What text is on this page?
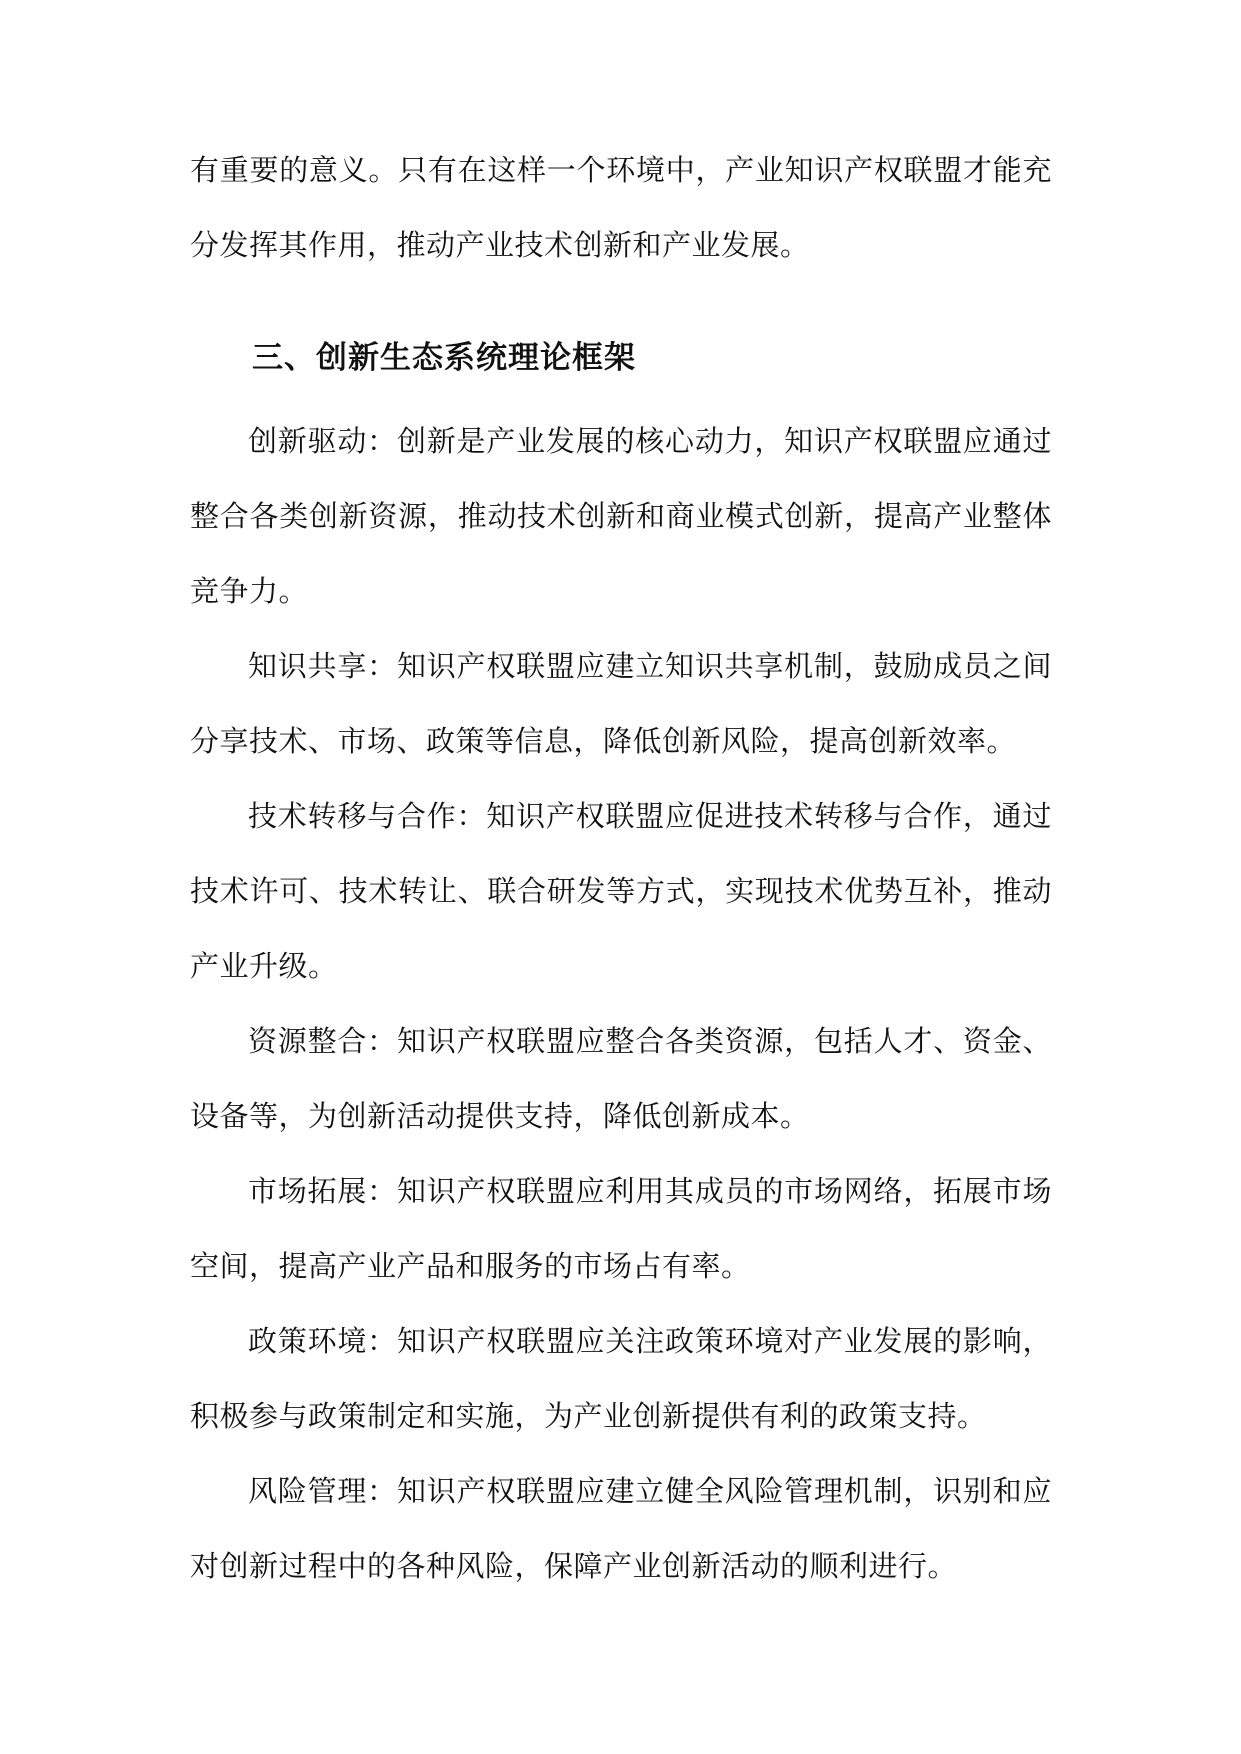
有重要的意义。只有在这样一个环境中，产业知识产权联盟才能充分发挥其作用，推动产业技术创新和产业发展。

三、创新生态系统理论框架

创新驱动：创新是产业发展的核心动力，知识产权联盟应通过整合各类创新资源，推动技术创新和商业模式创新，提高产业整体竞争力。

知识共享：知识产权联盟应建立知识共享机制，鼓励成员之间分享技术、市场、政策等信息，降低创新风险，提高创新效率。

技术转移与合作：知识产权联盟应促进技术转移与合作，通过技术许可、技术转让、联合研发等方式，实现技术优势互补，推动产业升级。

资源整合：知识产权联盟应整合各类资源，包括人才、资金、设备等，为创新活动提供支持，降低创新成本。

市场拓展：知识产权联盟应利用其成员的市场网络，拓展市场空间，提高产业产品和服务的市场占有率。

政策环境：知识产权联盟应关注政策环境对产业发展的影响，积极参与政策制定和实施，为产业创新提供有利的政策支持。

风险管理：知识产权联盟应建立健全风险管理机制，识别和应对创新过程中的各种风险，保障产业创新活动的顺利进行。
